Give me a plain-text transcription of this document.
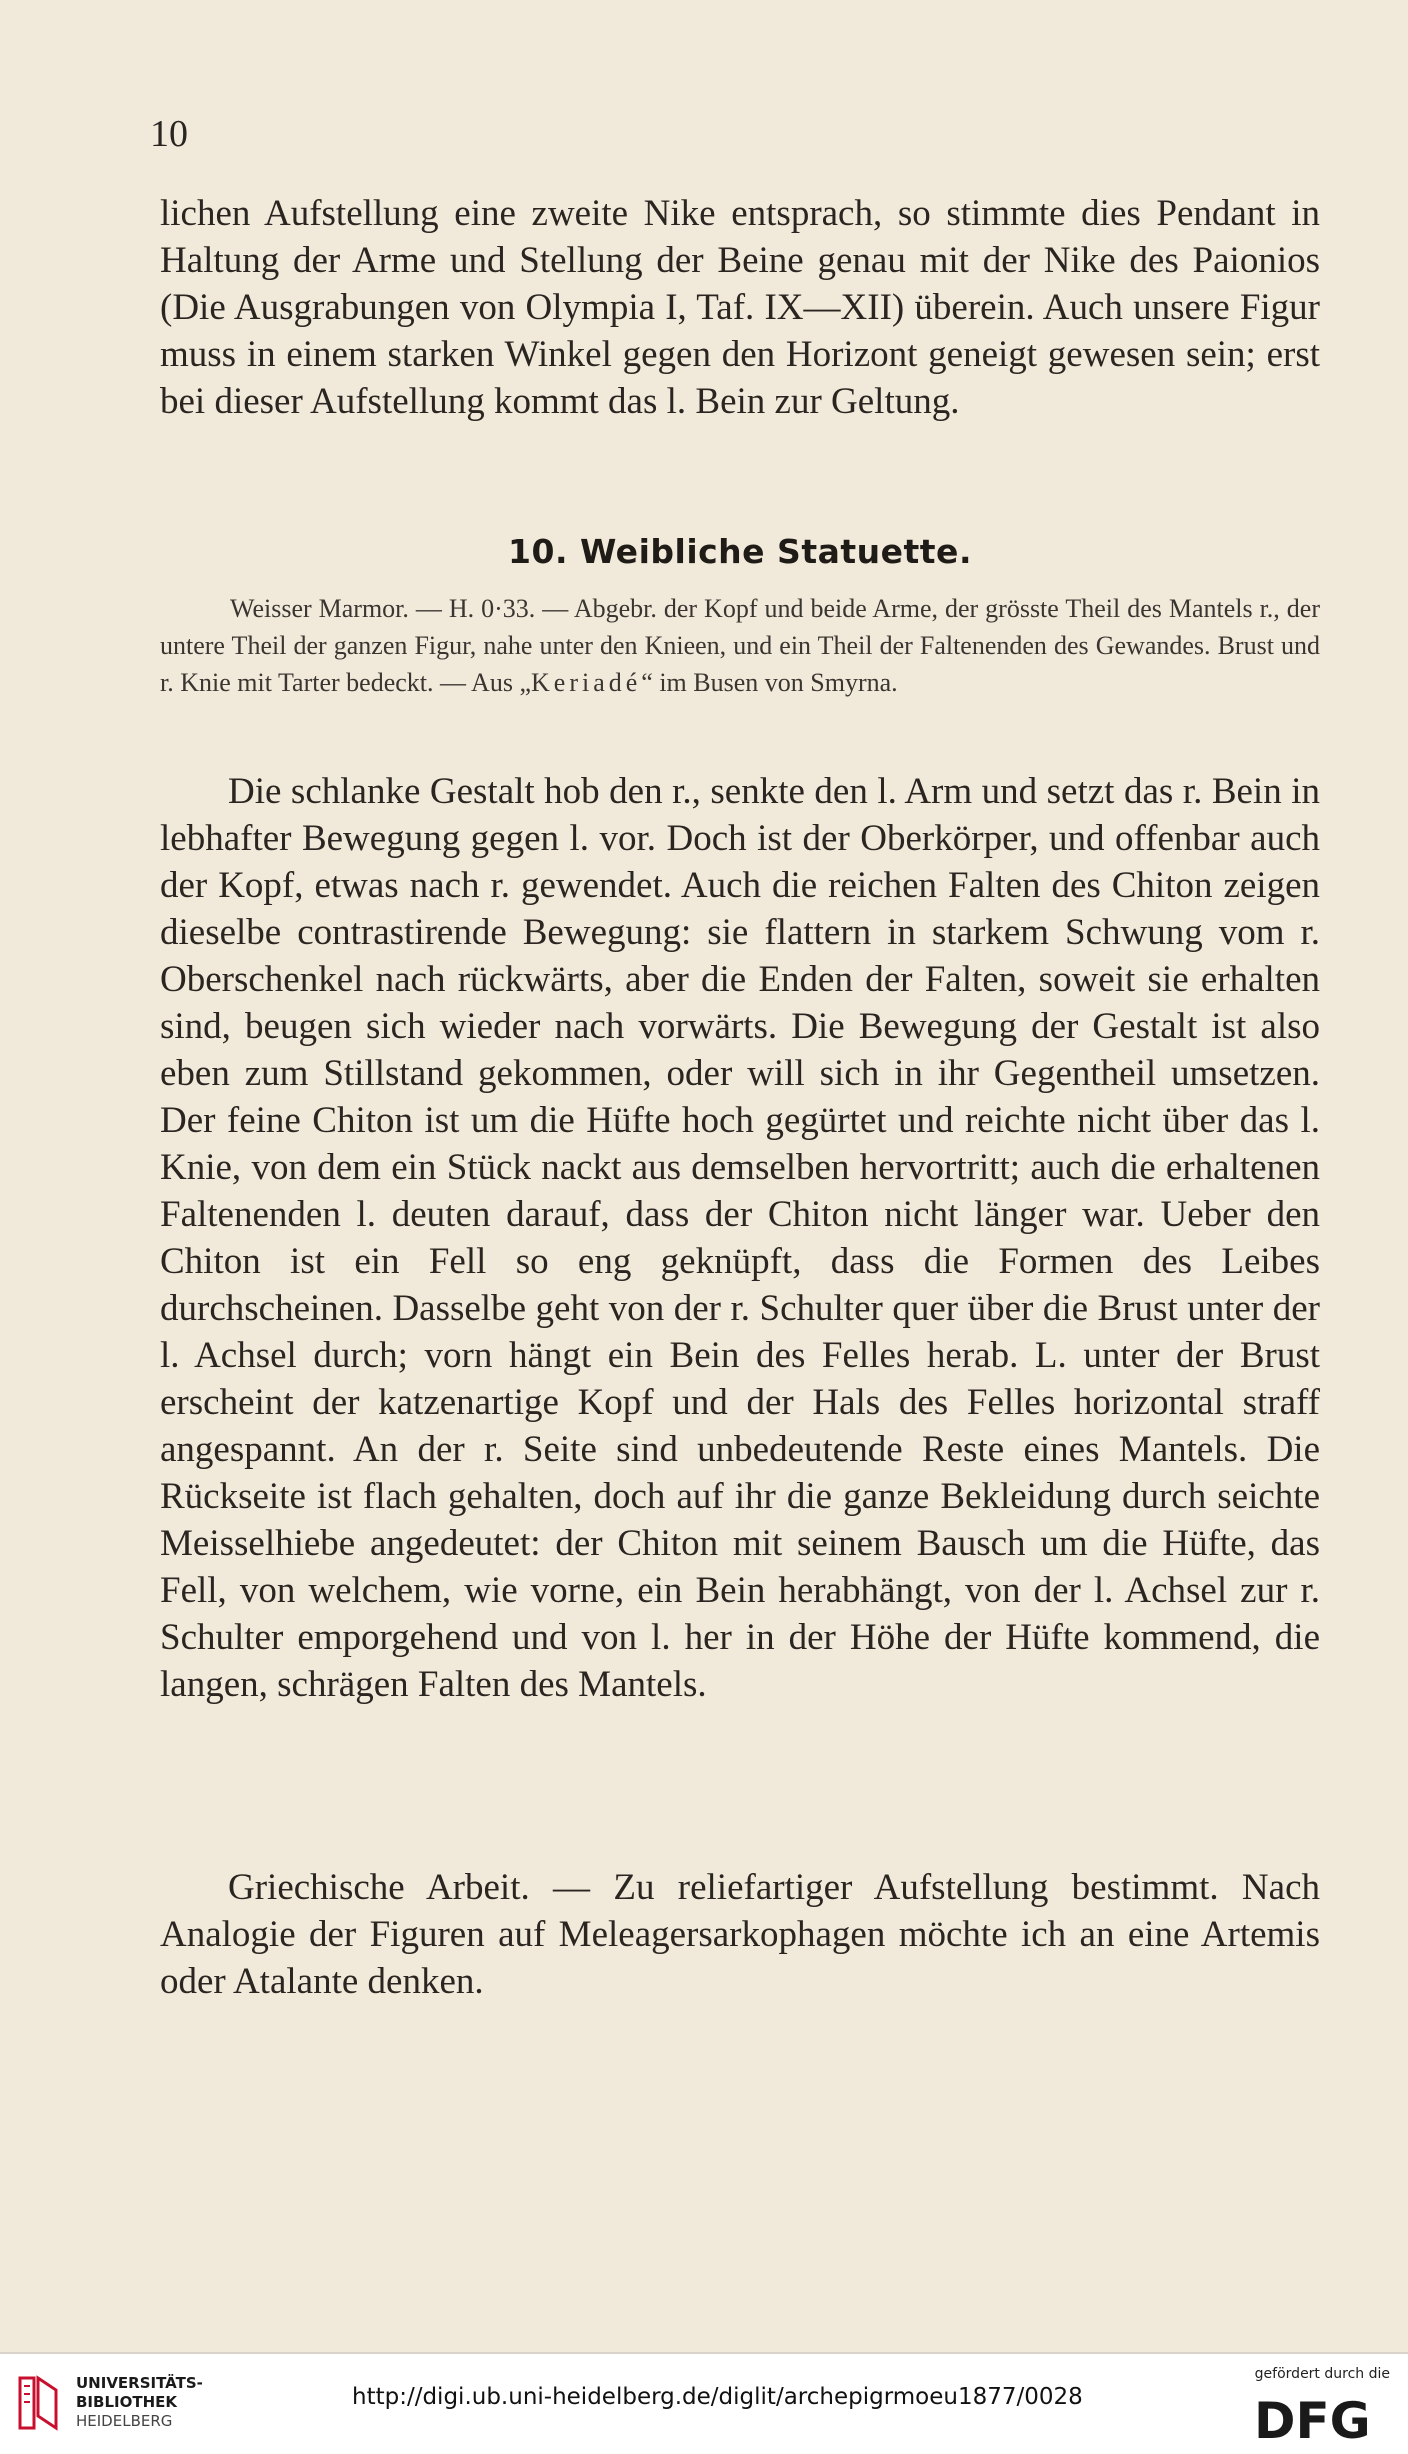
10

lichen Aufstellung eine zweite Nike entsprach, so stimmte dies Pendant in Haltung der Arme und Stellung der Beine genau mit der Nike des Paionios (Die Ausgrabungen von Olympia I, Taf. IX—XII) überein. Auch unsere Figur muss in einem starken Winkel gegen den Horizont geneigt gewesen sein; erst bei dieser Aufstellung kommt das l. Bein zur Geltung.

10. Weibliche Statuette.

Weisser Marmor. — H. 0·33. — Abgebr. der Kopf und beide Arme, der grösste Theil des Mantels r., der untere Theil der ganzen Figur, nahe unter den Knieen, und ein Theil der Faltenenden des Gewandes. Brust und r. Knie mit Tarter bedeckt. — Aus „Keriadé“ im Busen von Smyrna.

Die schlanke Gestalt hob den r., senkte den l. Arm und setzt das r. Bein in lebhafter Bewegung gegen l. vor. Doch ist der Oberkörper, und offenbar auch der Kopf, etwas nach r. gewendet. Auch die reichen Falten des Chiton zeigen dieselbe contrastirende Bewegung: sie flattern in starkem Schwung vom r. Oberschenkel nach rückwärts, aber die Enden der Falten, soweit sie erhalten sind, beugen sich wieder nach vorwärts. Die Bewegung der Gestalt ist also eben zum Stillstand gekommen, oder will sich in ihr Gegentheil umsetzen. Der feine Chiton ist um die Hüfte hoch gegürtet und reichte nicht über das l. Knie, von dem ein Stück nackt aus demselben hervortritt; auch die erhaltenen Faltenenden l. deuten darauf, dass der Chiton nicht länger war. Ueber den Chiton ist ein Fell so eng geknüpft, dass die Formen des Leibes durchscheinen. Dasselbe geht von der r. Schulter quer über die Brust unter der l. Achsel durch; vorn hängt ein Bein des Felles herab. L. unter der Brust erscheint der katzenartige Kopf und der Hals des Felles horizontal straff angespannt. An der r. Seite sind unbedeutende Reste eines Mantels. Die Rückseite ist flach gehalten, doch auf ihr die ganze Bekleidung durch seichte Meisselhiebe angedeutet: der Chiton mit seinem Bausch um die Hüfte, das Fell, von welchem, wie vorne, ein Bein herabhängt, von der l. Achsel zur r. Schulter emporgehend und von l. her in der Höhe der Hüfte kommend, die langen, schrägen Falten des Mantels.

Griechische Arbeit. — Zu reliefartiger Aufstellung bestimmt. Nach Analogie der Figuren auf Meleagersarkophagen möchte ich an eine Artemis oder Atalante denken.

UNIVERSITÄTS-
BIBLIOTHEK
HEIDELBERG
http://digi.ub.uni-heidelberg.de/diglit/archepigrmoeu1877/0028
gefördert durch die
DFG
